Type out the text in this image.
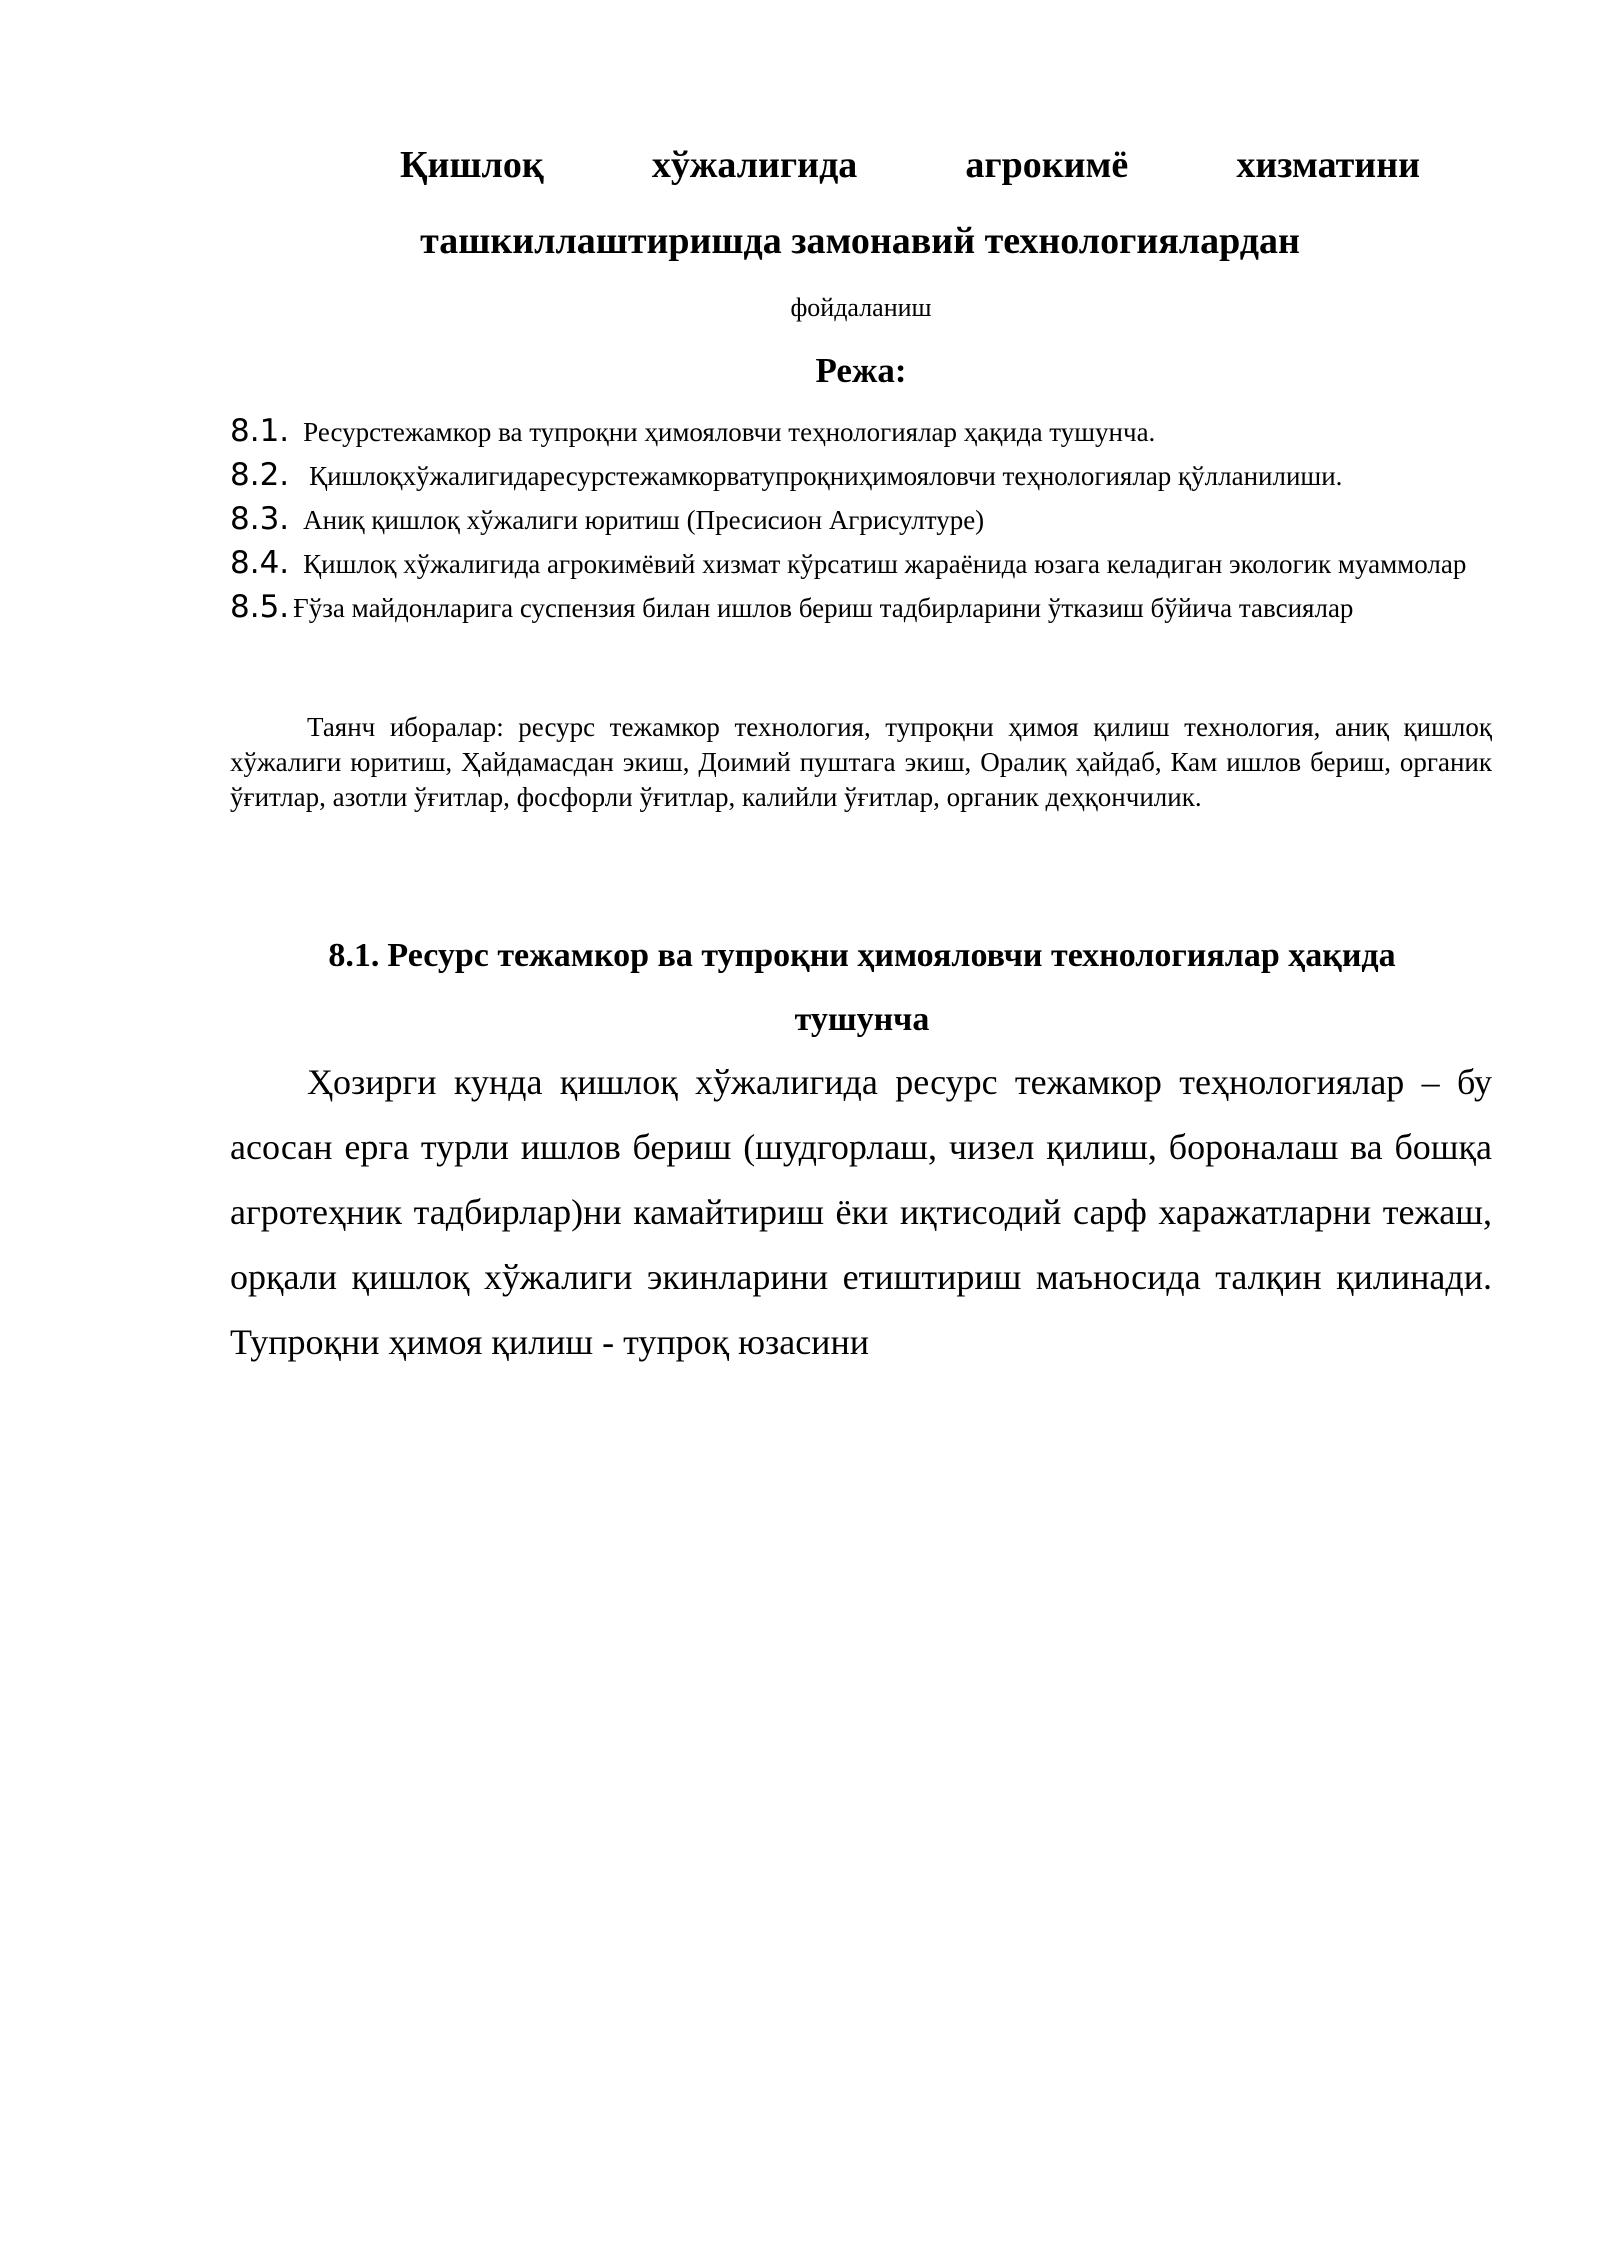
Қишлоқ	хўжалигида	агрокимё	хизматини
ташкиллаштиришда замонавий технологиялардан
фойдаланиш
Режа:
8.1. Ресурстежамкор ва тупроқни ҳимояловчи теҳнологиялар ҳақида тушунча.
8.2. Қишлоқхўжалигидаресурстежамкорватупроқниҳимояловчи теҳнологиялар қўлланилиши.
8.3. Аниқ қишлоқ хўжалиги юритиш (Пресисион Агрисултуре)
8.4. Қишлоқ хўжалигида агрокимёвий хизмат кўрсатиш жараёнида юзага келадиган экологик муаммолар
8.5. Ғўза майдонларига суспензия билан ишлов бериш тадбирларини ўтказиш бўйича тавсиялар
Таянч иборалар: ресурс тежамкор технология, тупроқни ҳимоя қилиш технология, аниқ қишлоқ хўжалиги юритиш, Ҳайдамасдан экиш, Доимий пуштага экиш, Оралиқ ҳайдаб, Кам ишлов бериш, органик ўғитлар, азотли ўғитлар, фосфорли ўғитлар, калийли ўғитлар, органик деҳқончилик.
8.1. Ресурс тежамкор ва тупроқни ҳимояловчи технологиялар ҳақида тушунча
Ҳозирги кунда қишлоқ хўжалигида ресурс тежамкор теҳнологиялар – бу асосан ерга турли ишлов бериш (шудгорлаш, чизел қилиш, бороналаш ва бошқа агротеҳник тадбирлар)ни камайтириш ёки иқтисодий сарф харажатларни тежаш, орқали қишлоқ хўжалиги экинларини етиштириш маъносида талқин қилинади. Тупроқни ҳимоя қилиш - тупроқ юзасини
